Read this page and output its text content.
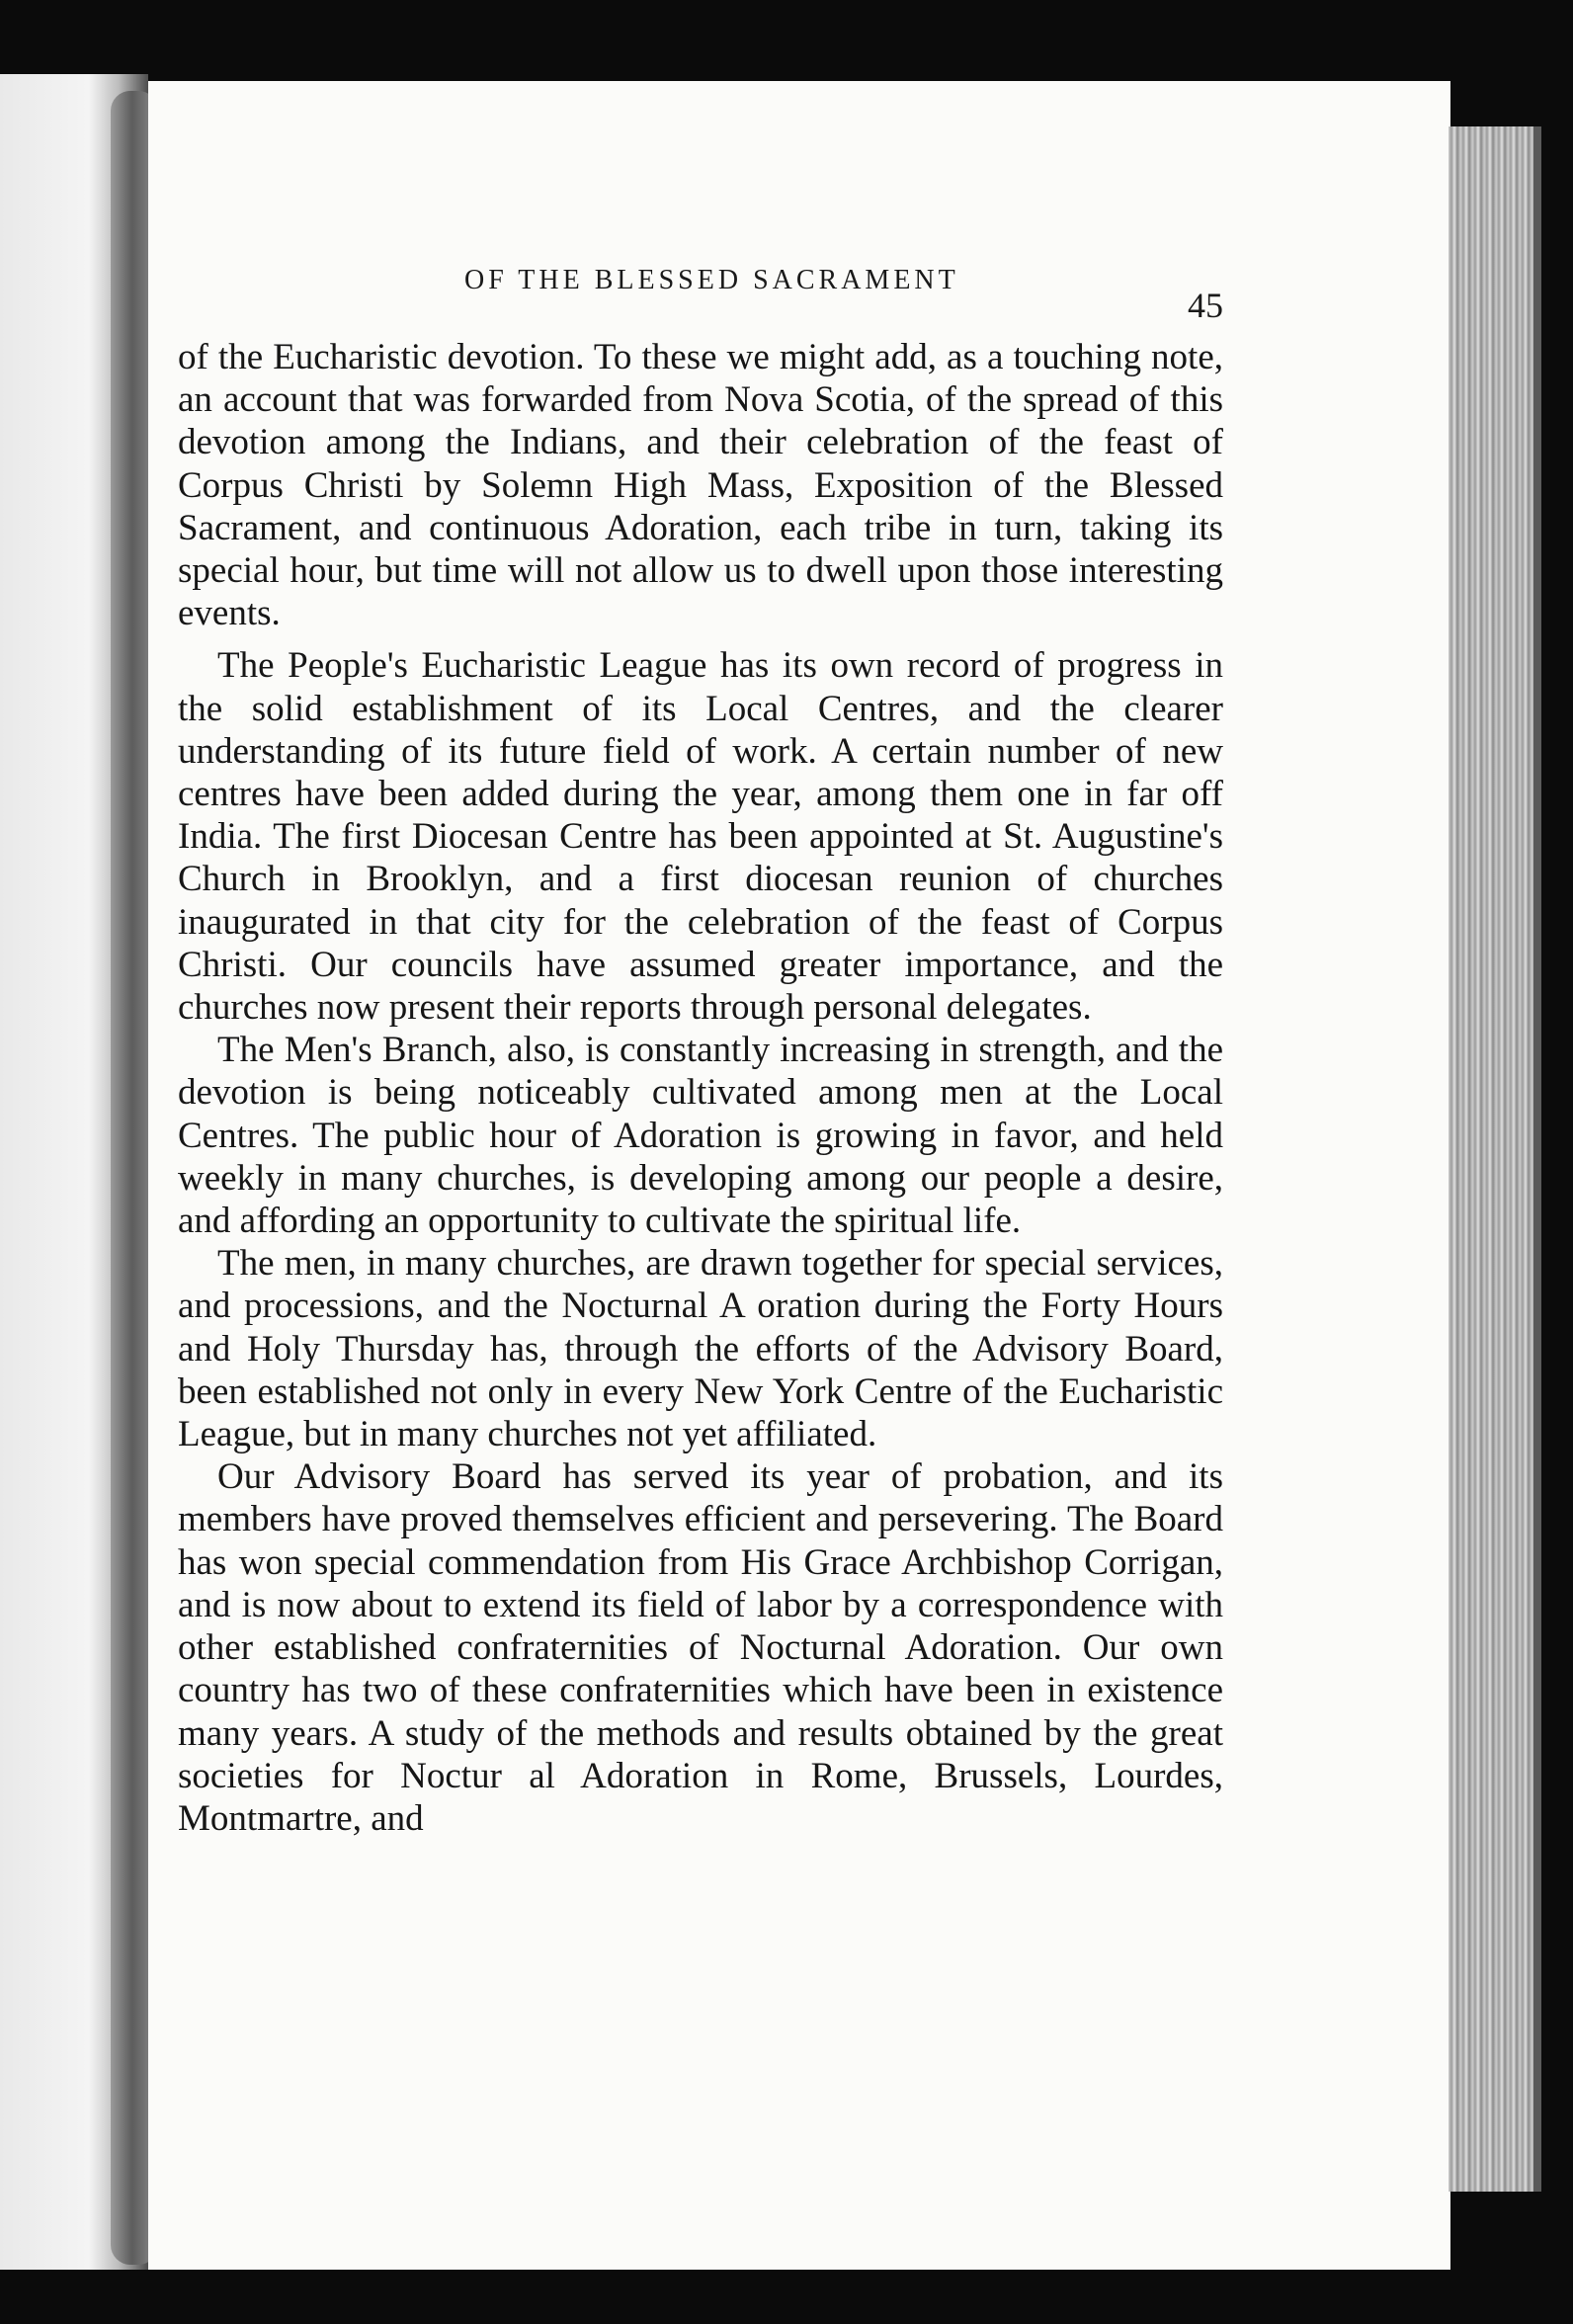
OF THE BLESSED SACRAMENT
45

of the Eucharistic devotion. To these we might add, as a touching note, an account that was forwarded from Nova Scotia, of the spread of this devotion among the Indians, and their celebration of the feast of Corpus Christi by Solemn High Mass, Exposition of the Blessed Sacrament, and continuous Adoration, each tribe in turn, taking its special hour, but time will not allow us to dwell upon those interesting events.

The People's Eucharistic League has its own record of progress in the solid establishment of its Local Centres, and the clearer understanding of its future field of work. A certain number of new centres have been added during the year, among them one in far off India. The first Diocesan Centre has been appointed at St. Augustine's Church in Brooklyn, and a first diocesan reunion of churches inaugurated in that city for the celebration of the feast of Corpus Christi. Our councils have assumed greater importance, and the churches now present their reports through personal delegates.

The Men's Branch, also, is constantly increasing in strength, and the devotion is being noticeably cultivated among men at the Local Centres. The public hour of Adoration is growing in favor, and held weekly in many churches, is developing among our people a desire, and affording an opportunity to cultivate the spiritual life.

The men, in many churches, are drawn together for special services, and processions, and the Nocturnal A oration during the Forty Hours and Holy Thursday has, through the efforts of the Advisory Board, been established not only in every New York Centre of the Eucharistic League, but in many churches not yet affiliated.

Our Advisory Board has served its year of probation, and its members have proved themselves efficient and persevering. The Board has won special commendation from His Grace Archbishop Corrigan, and is now about to extend its field of labor by a correspondence with other established confraternities of Nocturnal Adoration. Our own country has two of these confraternities which have been in existence many years. A study of the methods and results obtained by the great societies for Noctur al Adoration in Rome, Brussels, Lourdes, Montmartre, and
